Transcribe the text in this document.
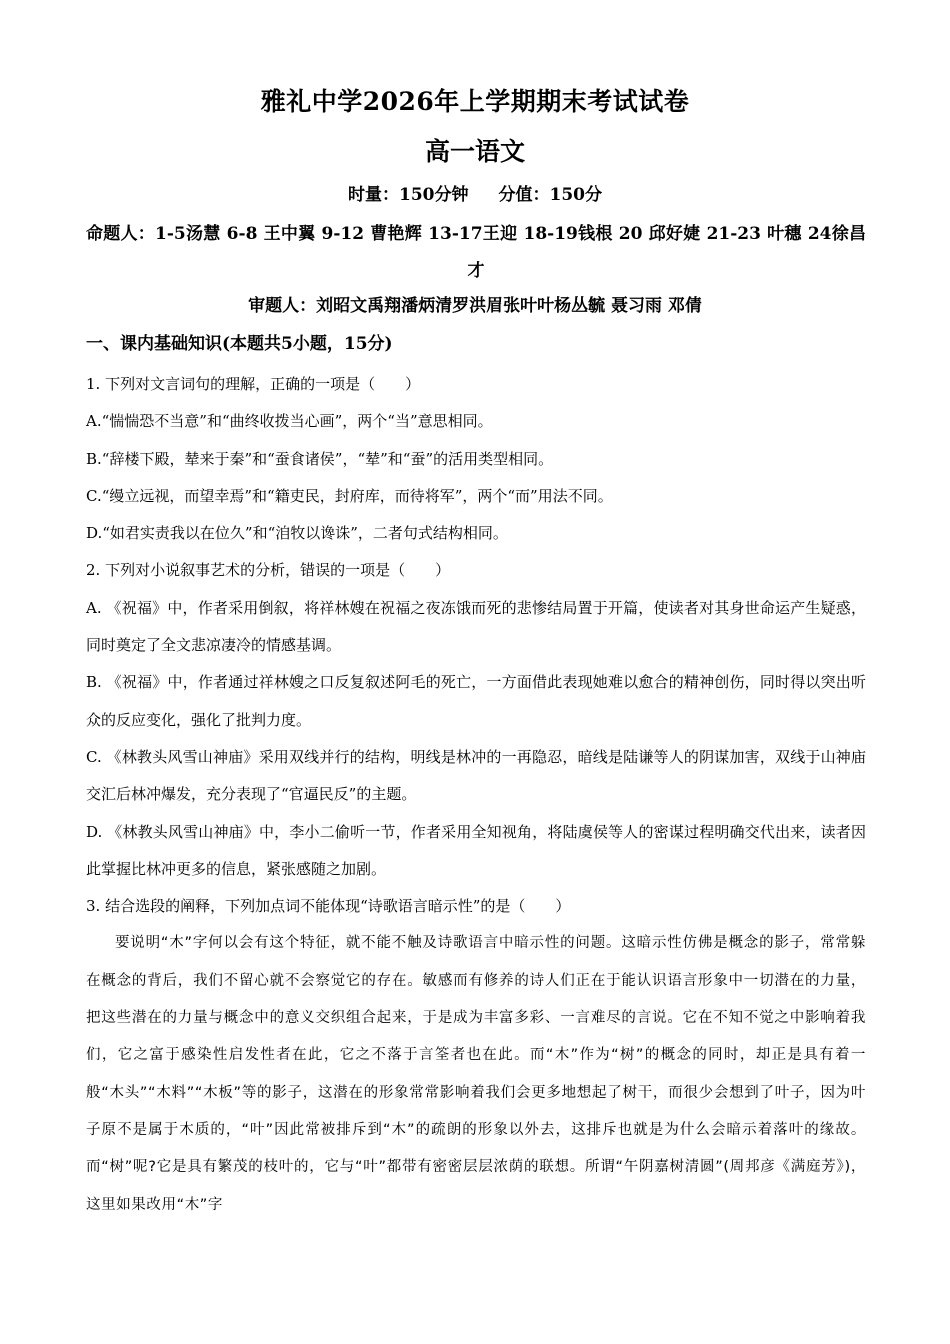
雅礼中学2026年上学期期末考试试卷
高一语文
时量：150分钟 分值：150分
命题人：1-5汤慧 6-8 王中翼 9-12 曹艳辉 13-17王迎 18-19钱根 20 邱好婕 21-23 叶穗 24徐昌才
审题人：刘昭文禹翔潘炳清罗洪眉张叶叶杨丛毓 聂习雨 邓倩
一、课内基础知识(本题共5小题，15分)

1. 下列对文言词句的理解，正确的一项是（　　）

A.“惴惴恐不当意”和“曲终收拨当心画”，两个“当”意思相同。

B.“辞楼下殿，辇来于秦”和“蚕食诸侯”，“辇”和“蚕”的活用类型相同。

C.“缦立远视，而望幸焉”和“籍吏民，封府库，而待将军”，两个“而”用法不同。

D.“如君实责我以在位久”和“洎牧以谗诛”，二者句式结构相同。

2. 下列对小说叙事艺术的分析，错误的一项是（　　）

A. 《祝福》中，作者采用倒叙，将祥林嫂在祝福之夜冻饿而死的悲惨结局置于开篇，使读者对其身世命运产生疑惑，同时奠定了全文悲凉凄冷的情感基调。

B. 《祝福》中，作者通过祥林嫂之口反复叙述阿毛的死亡，一方面借此表现她难以愈合的精神创伤，同时得以突出听众的反应变化，强化了批判力度。

C. 《林教头风雪山神庙》采用双线并行的结构，明线是林冲的一再隐忍，暗线是陆谦等人的阴谋加害，双线于山神庙交汇后林冲爆发，充分表现了“官逼民反”的主题。

D. 《林教头风雪山神庙》中，李小二偷听一节，作者采用全知视角，将陆虞侯等人的密谋过程明确交代出来，读者因此掌握比林冲更多的信息，紧张感随之加剧。

3. 结合选段的阐释，下列加点词不能体现“诗歌语言暗示性”的是（　　）

要说明“木”字何以会有这个特征，就不能不触及诗歌语言中暗示性的问题。这暗示性仿佛是概念的影子，常常躲在概念的背后，我们不留心就不会察觉它的存在。敏感而有修养的诗人们正在于能认识语言形象中一切潜在的力量，把这些潜在的力量与概念中的意义交织组合起来，于是成为丰富多彩、一言难尽的言说。它在不知不觉之中影响着我们，它之富于感染性启发性者在此，它之不落于言筌者也在此。而“木”作为“树”的概念的同时，却正是具有着一般“木头”“木料”“木板”等的影子，这潜在的形象常常影响着我们会更多地想起了树干，而很少会想到了叶子，因为叶子原不是属于木质的，“叶”因此常被排斥到“木”的疏朗的形象以外去，这排斥也就是为什么会暗示着落叶的缘故。而“树”呢?它是具有繁茂的枝叶的，它与“叶”都带有密密层层浓荫的联想。所谓“午阴嘉树清圆”(周邦彦《满庭芳》)，这里如果改用“木”字
